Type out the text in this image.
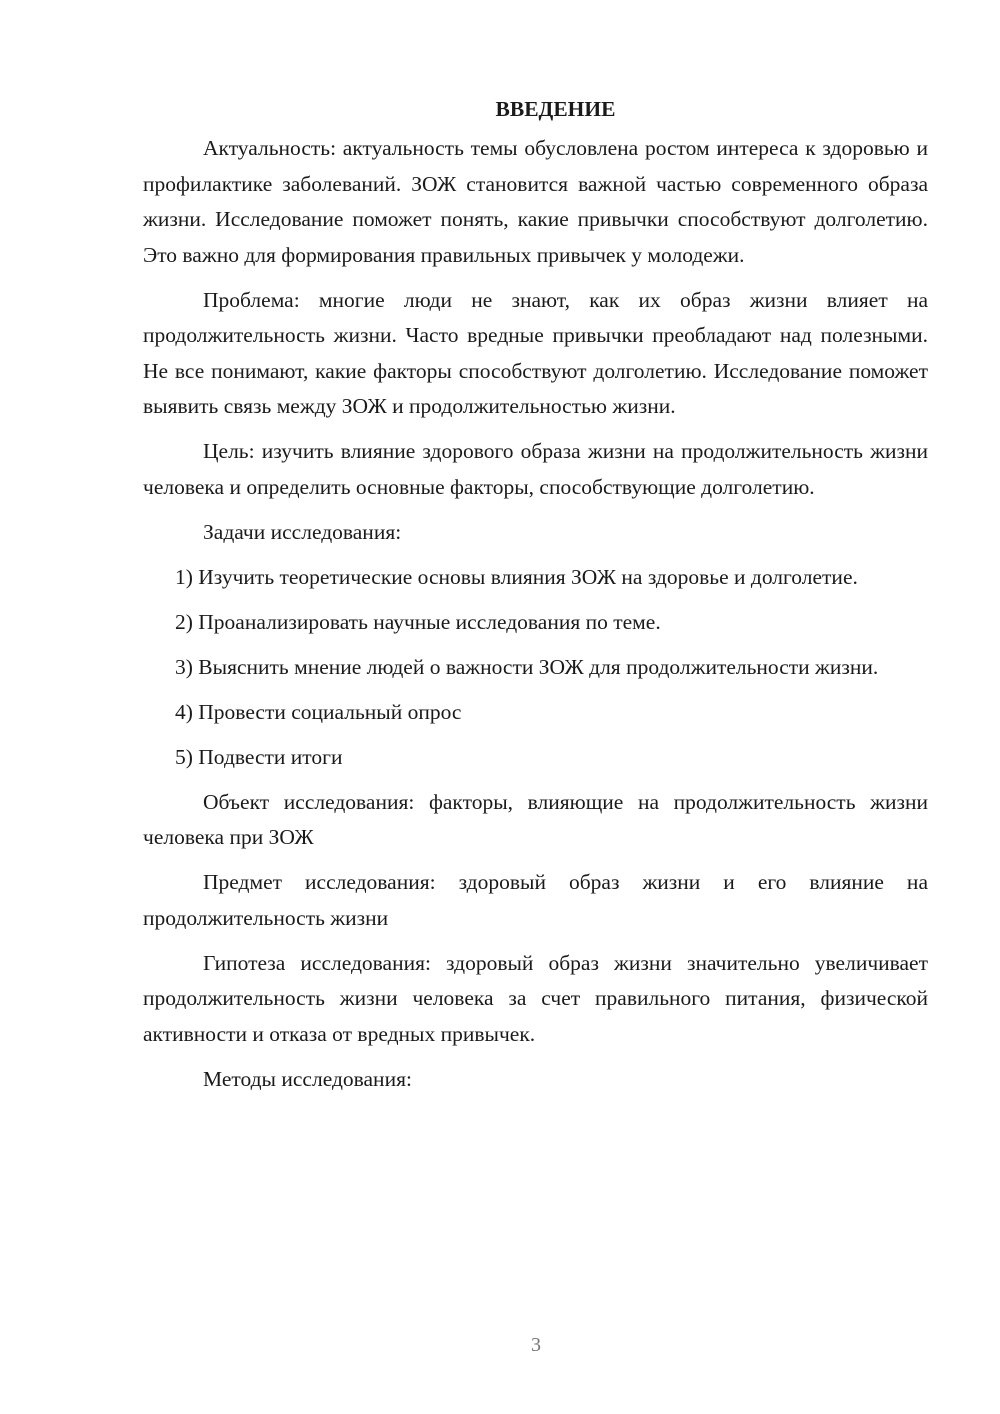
ВВЕДЕНИЕ

Актуальность: актуальность темы обусловлена ростом интереса к здоровью и профилактике заболеваний. ЗОЖ становится важной частью современного образа жизни. Исследование поможет понять, какие привычки способствуют долголетию. Это важно для формирования правильных привычек у молодежи.

Проблема: многие люди не знают, как их образ жизни влияет на продолжительность жизни. Часто вредные привычки преобладают над полезными. Не все понимают, какие факторы способствуют долголетию. Исследование поможет выявить связь между ЗОЖ и продолжительностью жизни.

Цель: изучить влияние здорового образа жизни на продолжительность жизни человека и определить основные факторы, способствующие долголетию.

Задачи исследования:

1) Изучить теоретические основы влияния ЗОЖ на здоровье и долголетие.

2) Проанализировать научные исследования по теме.

3) Выяснить мнение людей о важности ЗОЖ для продолжительности жизни.

4) Провести социальный опрос

5) Подвести итоги

Объект исследования: факторы, влияющие на продолжительность жизни человека при ЗОЖ

Предмет исследования: здоровый образ жизни и его влияние на продолжительность жизни

Гипотеза исследования: здоровый образ жизни значительно увеличивает продолжительность жизни человека за счет правильного питания, физической активности и отказа от вредных привычек.

Методы исследования:

3
